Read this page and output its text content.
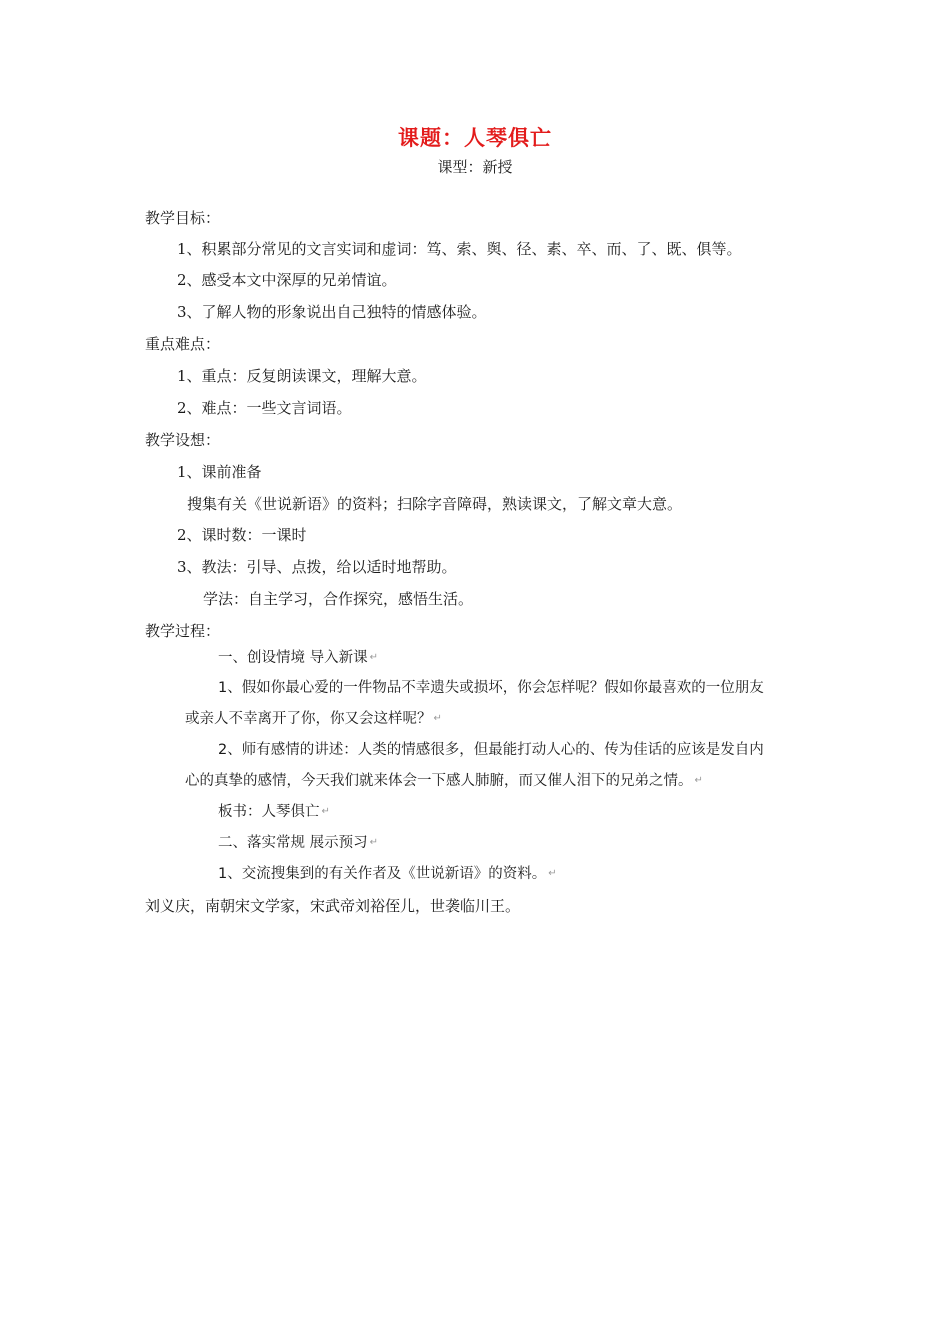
课题：人琴俱亡
课型：新授
教学目标：
1、积累部分常见的文言实词和虚词：笃、索、舆、径、素、卒、而、了、既、俱等。
2、感受本文中深厚的兄弟情谊。
3、了解人物的形象说出自己独特的情感体验。
重点难点：
1、重点：反复朗读课文，理解大意。
2、难点：一些文言词语。
教学设想：
1、课前准备
搜集有关《世说新语》的资料；扫除字音障碍，熟读课文，了解文章大意。
2、课时数：一课时
3、教法：引导、点拨，给以适时地帮助。
学法：自主学习，合作探究，感悟生活。
教学过程：
一、创设情境 导入新课 ↵
1、假如你最心爱的一件物品不幸遗失或损坏，你会怎样呢？假如你最喜欢的一位朋友
或亲人不幸离开了你，你又会这样呢？ ↵
2、师有感情的讲述：人类的情感很多，但最能打动人心的、传为佳话的应该是发自内
心的真挚的感情，今天我们就来体会一下感人肺腑，而又催人泪下的兄弟之情。 ↵
板书：人琴俱亡 ↵
二、落实常规 展示预习 ↵
1、交流搜集到的有关作者及《世说新语》的资料。 ↵
刘义庆，南朝宋文学家，宋武帝刘裕侄儿，世袭临川王。
